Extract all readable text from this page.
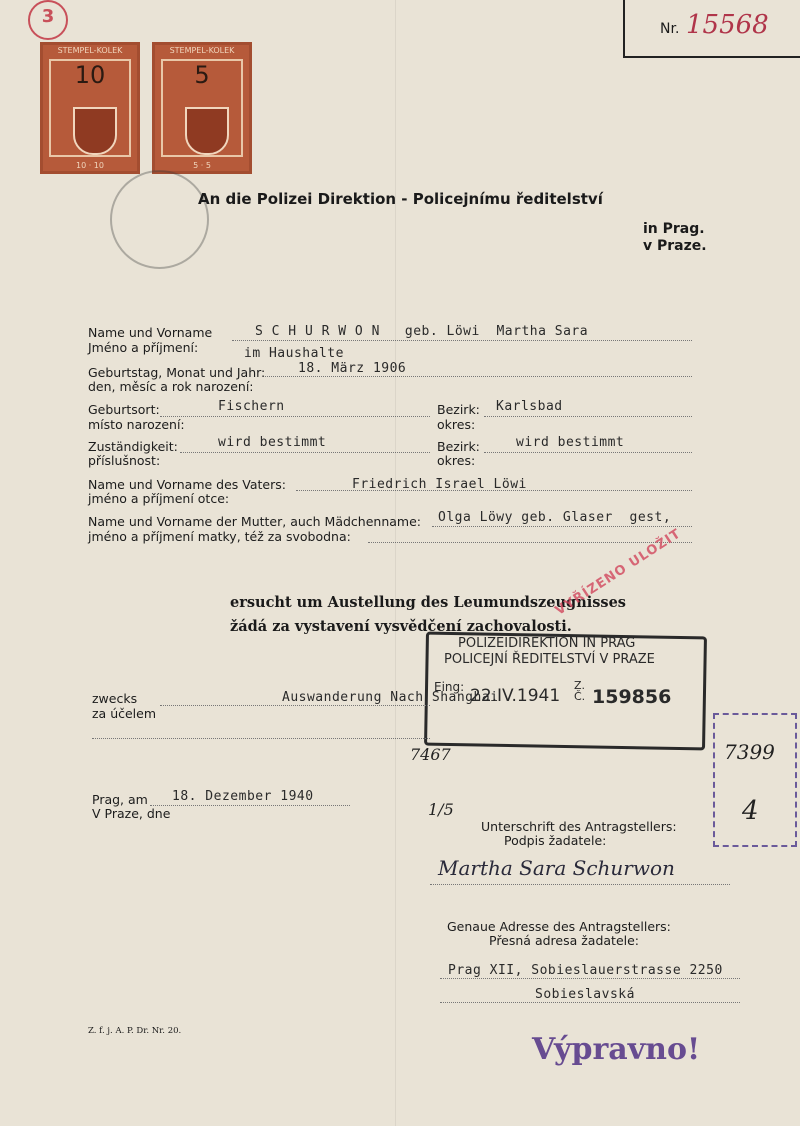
3
Nr. 15568
STEMPEL-KOLEK
10
10 · 10
STEMPEL-KOLEK
5
5 · 5
An die Polizei Direktion - Policejnímu ředitelství
in Prag.
v Praze.
Name und Vorname
Jméno a příjmení:
S C H U R W O N   geb. Löwi  Martha Sara
im Haushalte
Geburtstag, Monat und Jahr:
den, měsíc a rok narození:
18. März 1906
Geburtsort:
místo narození:
Fischern	Bezirk:
okres:
Karlsbad
Zuständigkeit:
příslušnost:
wird bestimmt	Bezirk:
okres:
wird bestimmt
Name und Vorname des Vaters:
jméno a příjmení otce:
Friedrich Israel Löwi
Name und Vorname der Mutter, auch Mädchenname:
jméno a příjmení matky, též za svobodna:
Olga Löwy geb. Glaser  gest,
ersucht um Austellung des Leumundszeugnisses
žádá za vystavení vysvědčení zachovalosti.
VYŘÍZENO ULOŽIT
POLIZEIDIREKTION IN PRAG
POLICEJNÍ ŘEDITELSTVÍ V PRAZE
Eing: 22.IV.1941
Z. Č. 159856
zwecks
za účelem
Auswanderung Nach Shanghai
7399
4
7467
1/5
Prag, am
V Praze, dne
18. Dezember 1940
Unterschrift des Antragstellers:
Podpis žadatele:
Martha Sara Schurwon
Genaue Adresse des Antragstellers:
Přesná adresa žadatele:
Prag XII, Sobieslauerstrasse 2250
Sobieslavská
Z. f. j. A. P. Dr. Nr. 20.
Výpravno!
